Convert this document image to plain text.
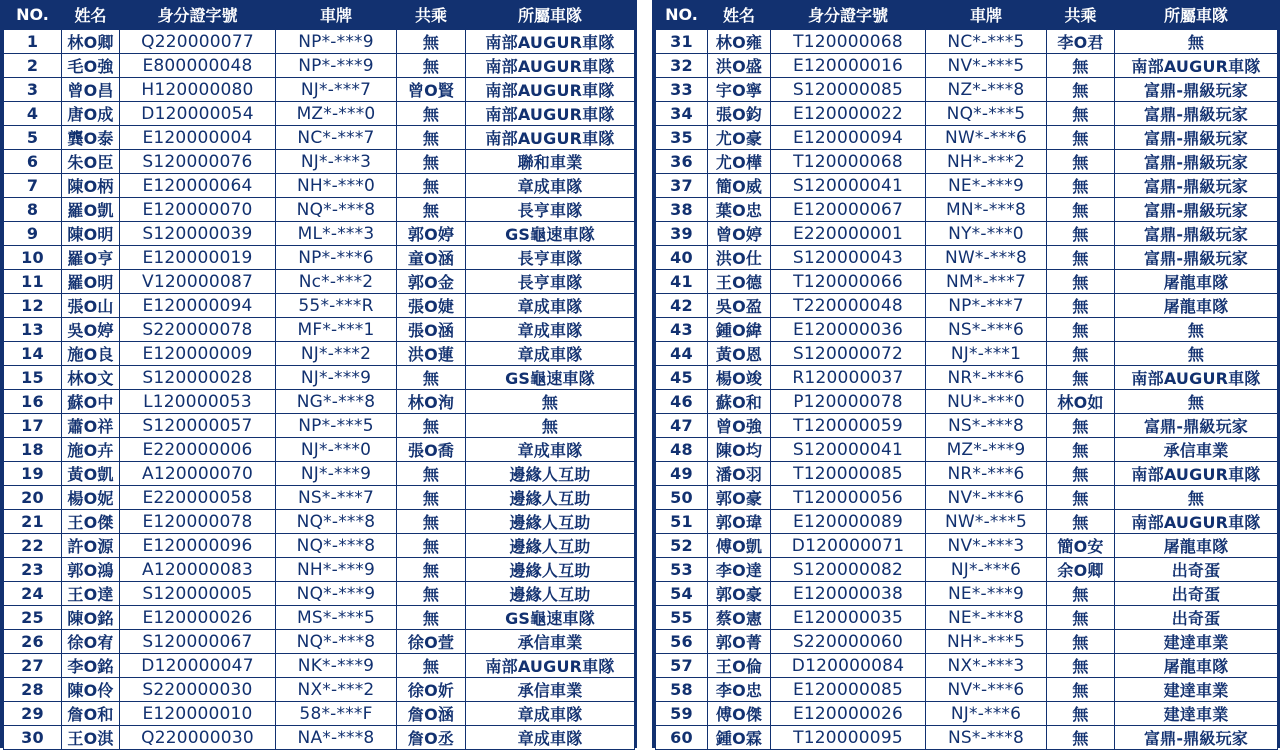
NO.	姓名	身分證字號	車牌	共乘	所屬車隊
1	林O卿	Q220000077	NP*-***9	無	南部AUGUR車隊
2	毛O強	E800000048	NP*-***9	無	南部AUGUR車隊
3	曾O昌	H120000080	NJ*-***7	曾O賢	南部AUGUR車隊
4	唐O成	D120000054	MZ*-***0	無	南部AUGUR車隊
5	龔O泰	E120000004	NC*-***7	無	南部AUGUR車隊
6	朱O臣	S120000076	NJ*-***3	無	聯和車業
7	陳O柄	E120000064	NH*-***0	無	章成車隊
8	羅O凱	E120000070	NQ*-***8	無	長亨車隊
9	陳O明	S120000039	ML*-***3	郭O婷	GS龜速車隊
10	羅O亨	E120000019	NP*-***6	童O涵	長亨車隊
11	羅O明	V120000087	Nc*-***2	郭O金	長亨車隊
12	張O山	E120000094	55*-***R	張O婕	章成車隊
13	吳O婷	S220000078	MF*-***1	張O涵	章成車隊
14	施O良	E120000009	NJ*-***2	洪O蓮	章成車隊
15	林O文	S120000028	NJ*-***9	無	GS龜速車隊
16	蘇O中	L120000053	NG*-***8	林O洵	無
17	蕭O祥	S120000057	NP*-***5	無	無
18	施O卉	E220000006	NJ*-***0	張O喬	章成車隊
19	黃O凱	A120000070	NJ*-***9	無	邊緣人互助
20	楊O妮	E220000058	NS*-***7	無	邊緣人互助
21	王O傑	E120000078	NQ*-***8	無	邊緣人互助
22	許O源	E120000096	NQ*-***8	無	邊緣人互助
23	郭O鴻	A120000083	NH*-***9	無	邊緣人互助
24	王O達	S120000005	NQ*-***9	無	邊緣人互助
25	陳O銘	E120000026	MS*-***5	無	GS龜速車隊
26	徐O宥	S120000067	NQ*-***8	徐O萱	承信車業
27	李O銘	D120000047	NK*-***9	無	南部AUGUR車隊
28	陳O伶	S220000030	NX*-***2	徐O妡	承信車業
29	詹O和	E120000010	58*-***F	詹O涵	章成車隊
30	王O淇	Q220000030	NA*-***8	詹O丞	章成車隊
NO.	姓名	身分證字號	車牌	共乘	所屬車隊
31	林O雍	T120000068	NC*-***5	李O君	無
32	洪O盛	E120000016	NV*-***5	無	南部AUGUR車隊
33	宇O寧	S120000085	NZ*-***8	無	富鼎-鼎級玩家
34	張O鈞	E120000022	NQ*-***5	無	富鼎-鼎級玩家
35	尤O豪	E120000094	NW*-***6	無	富鼎-鼎級玩家
36	尤O樺	T120000068	NH*-***2	無	富鼎-鼎級玩家
37	簡O威	S120000041	NE*-***9	無	富鼎-鼎級玩家
38	葉O忠	E120000067	MN*-***8	無	富鼎-鼎級玩家
39	曾O婷	E220000001	NY*-***0	無	富鼎-鼎級玩家
40	洪O仕	S120000043	NW*-***8	無	富鼎-鼎級玩家
41	王O德	T120000066	NM*-***7	無	屠龍車隊
42	吳O盈	T220000048	NP*-***7	無	屠龍車隊
43	鍾O緯	E120000036	NS*-***6	無	無
44	黃O恩	S120000072	NJ*-***1	無	無
45	楊O竣	R120000037	NR*-***6	無	南部AUGUR車隊
46	蘇O和	P120000078	NU*-***0	林O如	無
47	曾O強	T120000059	NS*-***8	無	富鼎-鼎級玩家
48	陳O均	S120000041	MZ*-***9	無	承信車業
49	潘O羽	T120000085	NR*-***6	無	南部AUGUR車隊
50	郭O豪	T120000056	NV*-***6	無	無
51	郭O瑋	E120000089	NW*-***5	無	南部AUGUR車隊
52	傅O凱	D120000071	NV*-***3	簡O安	屠龍車隊
53	李O達	S120000082	NJ*-***6	余O卿	出奇蛋
54	郭O豪	E120000038	NE*-***9	無	出奇蛋
55	蔡O憲	E120000035	NE*-***8	無	出奇蛋
56	郭O菁	S220000060	NH*-***5	無	建達車業
57	王O倫	D120000084	NX*-***3	無	屠龍車隊
58	李O忠	E120000085	NV*-***6	無	建達車業
59	傅O傑	E120000026	NJ*-***6	無	建達車業
60	鍾O霖	T120000095	NS*-***8	無	富鼎-鼎級玩家
